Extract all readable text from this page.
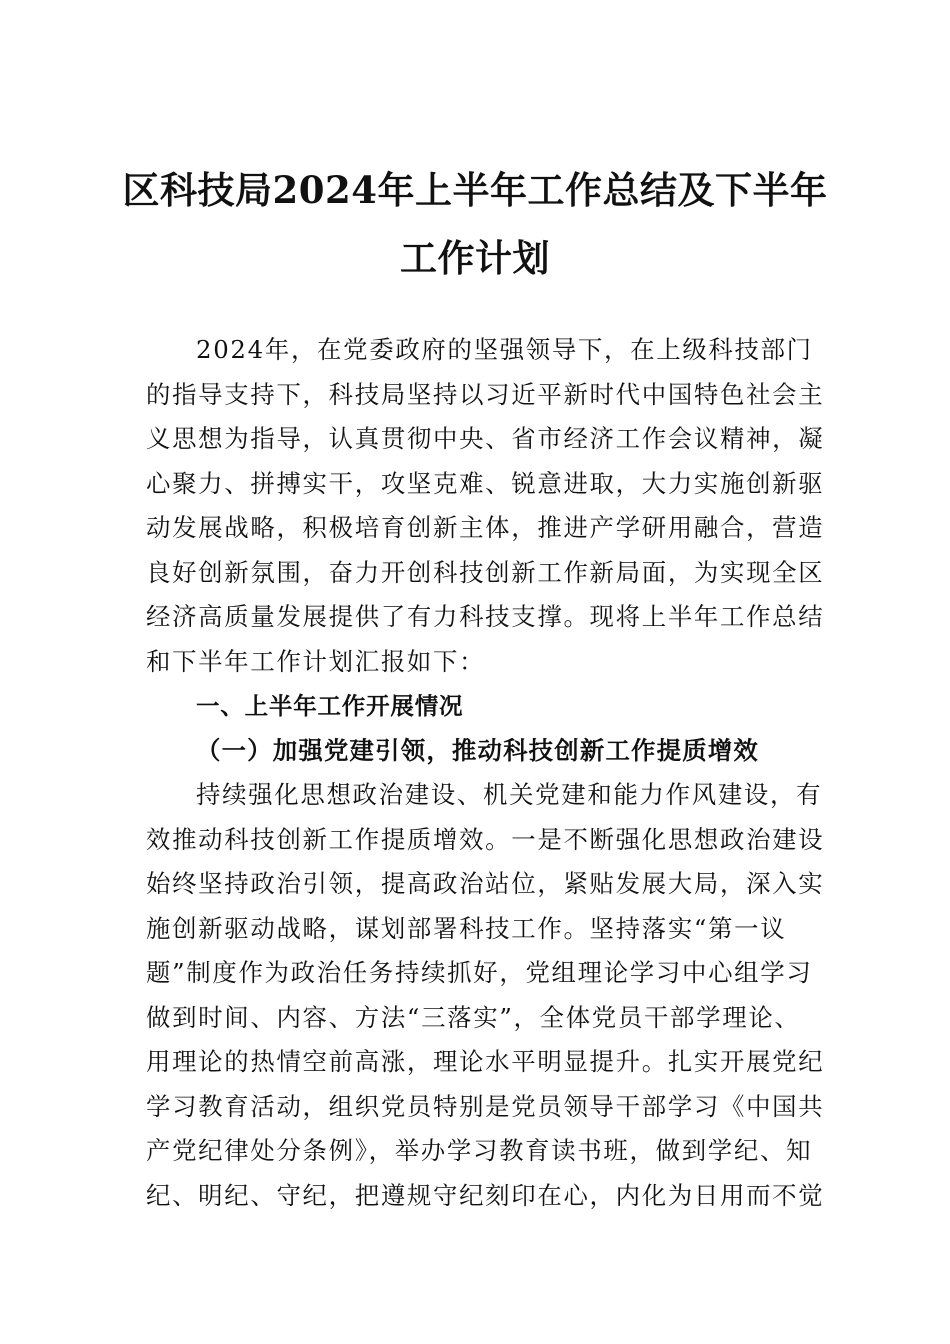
区科技局2024年上半年工作总结及下半年
工作计划
2024年，在党委政府的坚强领导下，在上级科技部门
的指导支持下，科技局坚持以习近平新时代中国特色社会主
义思想为指导，认真贯彻中央、省市经济工作会议精神，凝
心聚力、拼搏实干，攻坚克难、锐意进取，大力实施创新驱
动发展战略，积极培育创新主体，推进产学研用融合，营造
良好创新氛围，奋力开创科技创新工作新局面，为实现全区
经济高质量发展提供了有力科技支撑。现将上半年工作总结
和下半年工作计划汇报如下：
一、上半年工作开展情况
（一）加强党建引领，推动科技创新工作提质增效
持续强化思想政治建设、机关党建和能力作风建设，有
效推动科技创新工作提质增效。一是不断强化思想政治建设
始终坚持政治引领，提高政治站位，紧贴发展大局，深入实
施创新驱动战略，谋划部署科技工作。坚持落实“第一议
题”制度作为政治任务持续抓好，党组理论学习中心组学习
做到时间、内容、方法“三落实”，全体党员干部学理论、
用理论的热情空前高涨，理论水平明显提升。扎实开展党纪
学习教育活动，组织党员特别是党员领导干部学习《中国共
产党纪律处分条例》，举办学习教育读书班，做到学纪、知
纪、明纪、守纪，把遵规守纪刻印在心，内化为日用而不觉
